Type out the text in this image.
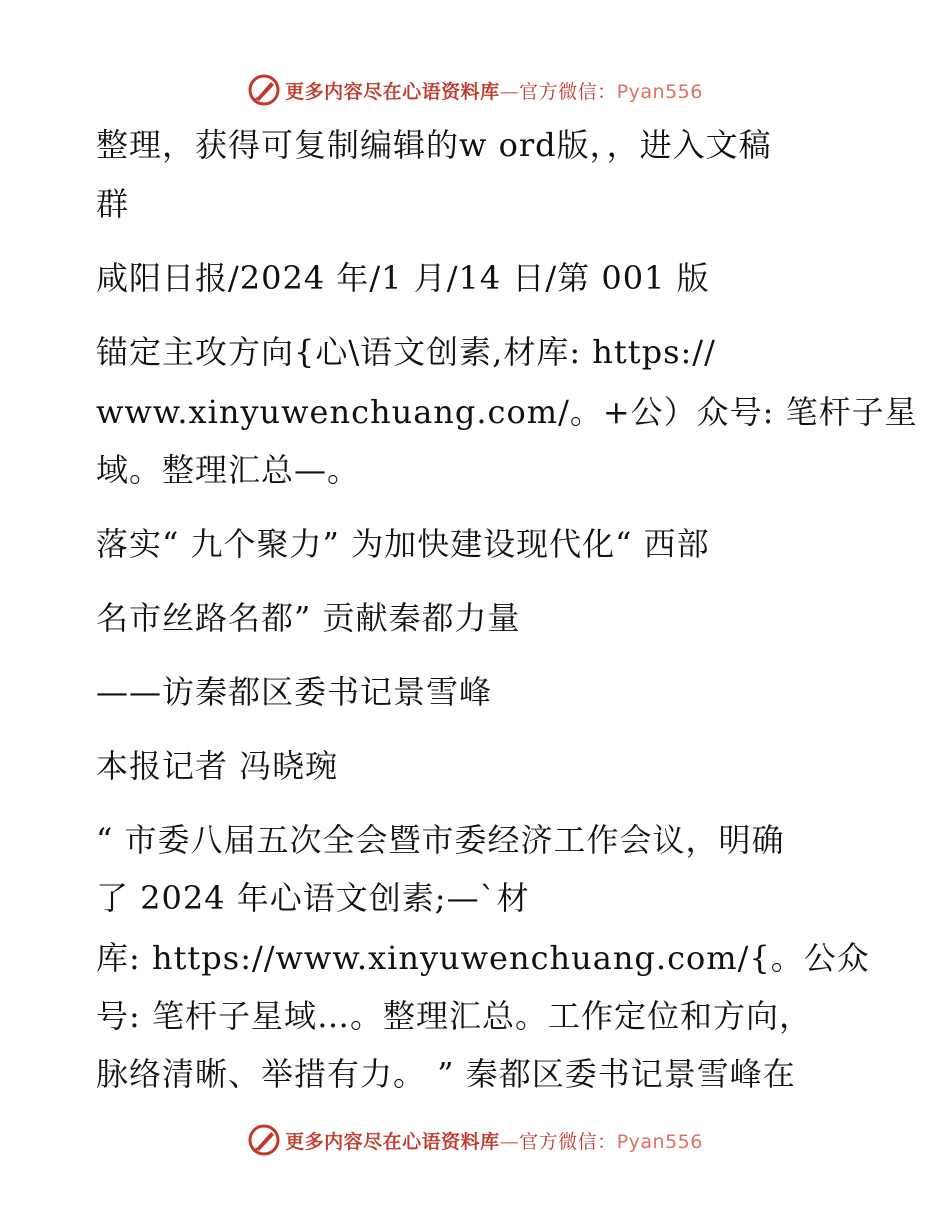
更多内容尽在心语资料库—官方微信：Pyan556
整理，获得可复制编辑的w ord版，，进入文稿
群
咸阳日报/2024 年/1 月/14 日/第 001 版
锚定主攻方向{心\语文创素,材库: https://
www.xinyuwenchuang.com/。+公）众号: 笔杆子星
域。整理汇总—。
落实“ 九个聚力” 为加快建设现代化“ 西部
名市丝路名都” 贡献秦都力量
——访秦都区委书记景雪峰
本报记者 冯晓琬
“ 市委八届五次全会暨市委经济工作会议，明确
了 2024 年心语文创素;—`材
库: https://www.xinyuwenchuang.com/{。公众
号: 笔杆子星域…。整理汇总。工作定位和方向，
脉络清晰、举措有力。 ” 秦都区委书记景雪峰在
更多内容尽在心语资料库—官方微信：Pyan556
